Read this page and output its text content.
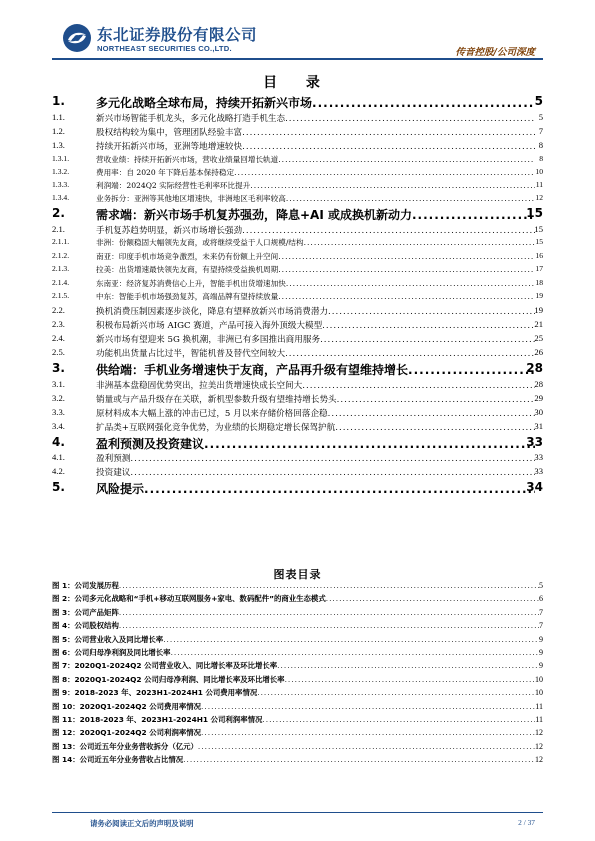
东北证券股份有限公司
NORTHEAST SECURITIES CO.,LTD.	传音控股/公司深度
目 录
1.	多元化战略全球布局，持续开拓新兴市场 .....	5
1.1.	新兴市场智能手机龙头，多元化战略打造手机生态 .....	5
1.2.	股权结构较为集中，管理团队经验丰富 .....	7
1.3.	持续开拓新兴市场，亚洲等地增速较快 .....	8
1.3.1.	营收业绩：持续开拓新兴市场，营收业绩量回增长轨道 .....	8
1.3.2.	费用率：自 2020 年下降后基本保持稳定 .....	10
1.3.3.	利润端：2024Q2 实际经营性毛利率环比提升 .....	11
1.3.4.	业务拆分：亚洲等其他地区增速快，非洲地区毛利率较高 .....	12
2.	需求端：新兴市场手机复苏强劲，降息+AI 或成换机新动力 .....	15
2.1.	手机复苏趋势明显，新兴市场增长强劲 .....	15
2.1.1.	非洲：份额稳固大幅领先友商，或将继续受益于人口规模/结构 .....	15
2.1.2.	南亚：印度手机市场竞争激烈，未来仍有份额上升空间 .....	16
2.1.3.	拉美：出货增速最快领先友商，有望持续受益换机周期 .....	17
2.1.4.	东南亚：经济复苏消费信心上升，智能手机出货增速加快 .....	18
2.1.5.	中东：智能手机市场强劲复苏，高端品牌有望持续放量 .....	19
2.2.	换机消费压制因素逐步淡化，降息有望释放新兴市场消费潜力 .....	19
2.3.	积极布局新兴市场 AIGC 赛道，产品可接入海外顶级大模型 .....	21
2.4.	新兴市场有望迎来 5G 换机潮，非洲已有多国推出商用服务 .....	25
2.5.	功能机出货量占比过半，智能机普及替代空间较大 .....	26
3.	供给端：手机业务增速快于友商，产品再升级有望维持增长 .....	28
3.1.	非洲基本盘稳固优势突出，拉美出货增速快成长空间大 .....	28
3.2.	销量或与产品升级存在关联，新机型参数升级有望维持增长势头 .....	29
3.3.	原材料成本大幅上涨的冲击已过，5 月以来存储价格回落企稳 .....	30
3.4.	扩品类+互联网强化竞争优势，为业绩的长期稳定增长保驾护航 .....	31
4.	盈利预测及投资建议 .....	33
4.1.	盈利预测 .....	33
4.2.	投资建议 .....	33
5.	风险提示 .....	34
图表目录
图 1：公司发展历程 .....	5
图 2：公司多元化战略和“手机+移动互联网服务+家电、数码配件”的商业生态模式 .....	6
图 3：公司产品矩阵 .....	7
图 4：公司股权结构 .....	7
图 5：公司营业收入及同比增长率 .....	9
图 6：公司归母净利润及同比增长率 .....	9
图 7：2020Q1-2024Q2 公司营业收入、同比增长率及环比增长率 .....	9
图 8：2020Q1-2024Q2 公司归母净利润、同比增长率及环比增长率 .....	10
图 9：2018-2023 年、2023H1-2024H1 公司费用率情况 .....	10
图 10：2020Q1-2024Q2 公司费用率情况 .....	11
图 11：2018-2023 年、2023H1-2024H1 公司利润率情况 .....	11
图 12：2020Q1-2024Q2 公司利润率情况 .....	12
图 13：公司近五年分业务营收拆分（亿元） .....	12
图 14：公司近五年分业务营收占比情况 .....	12
请务必阅读正文后的声明及说明	2 / 37
